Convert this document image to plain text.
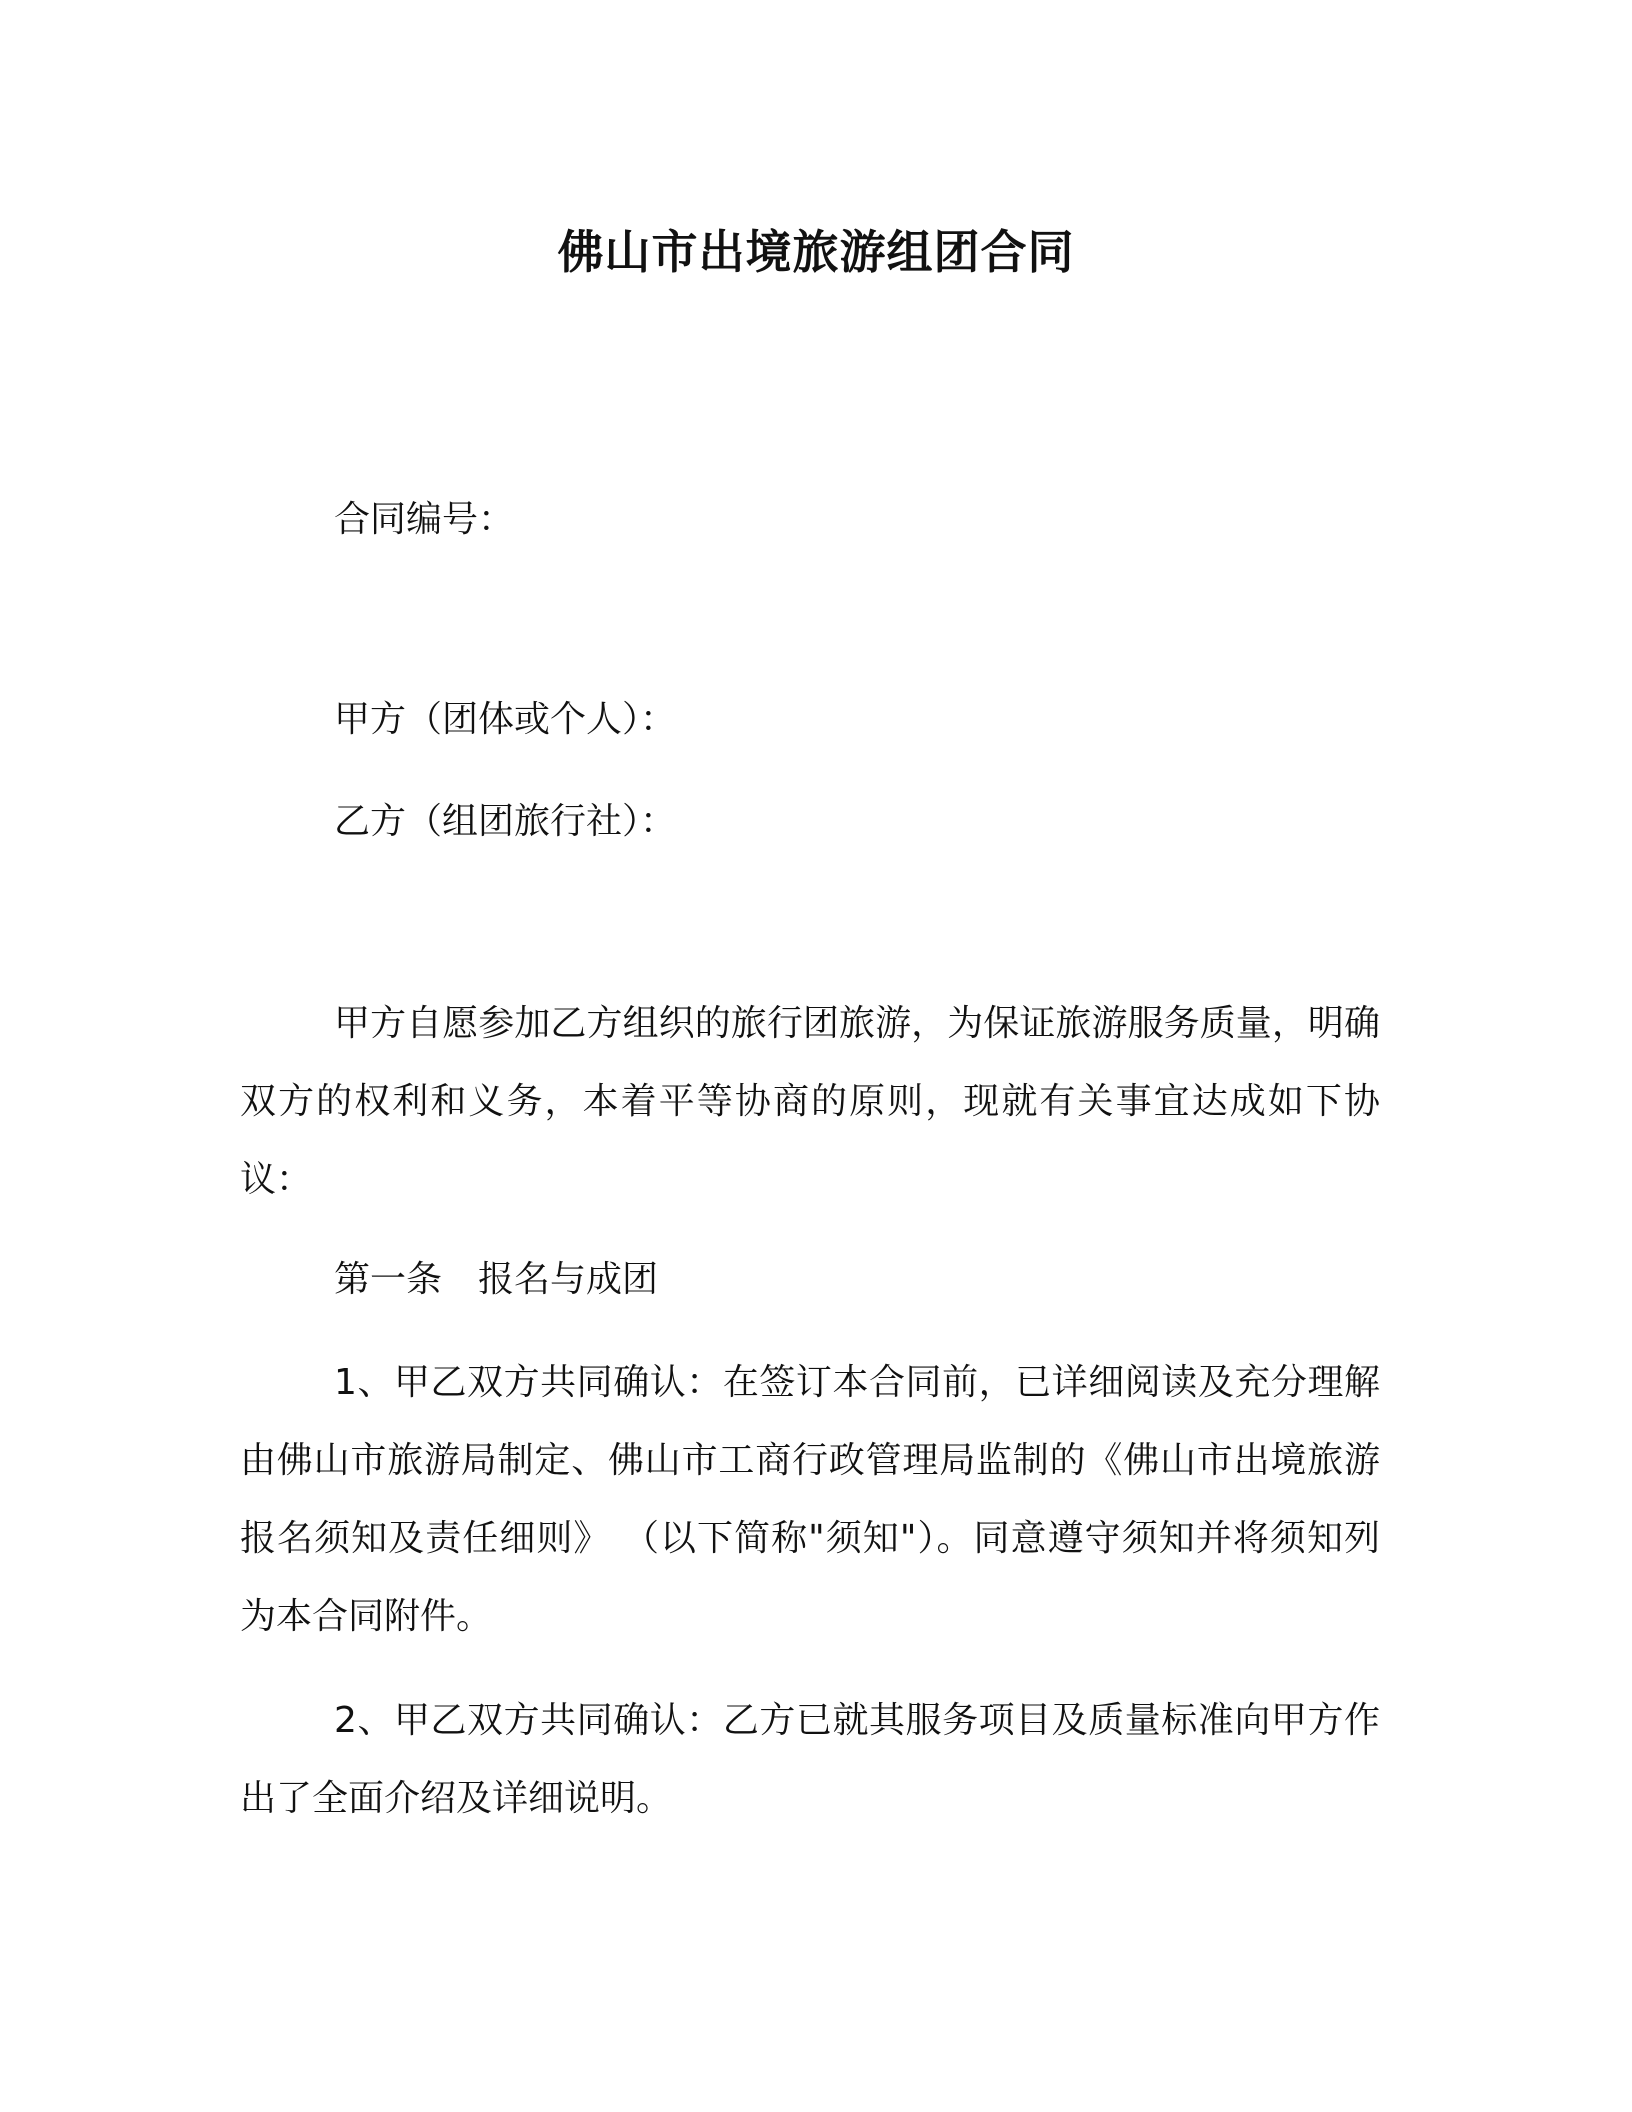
佛山市出境旅游组团合同
合同编号：
甲方（团体或个人）：
乙方（组团旅行社）：

甲方自愿参加乙方组织的旅行团旅游，为保证旅游服务质量，明确双方的权利和义务，本着平等协商的原则，现就有关事宜达成如下协议：

第一条 报名与成团

1、甲乙双方共同确认：在签订本合同前，已详细阅读及充分理解由佛山市旅游局制定、佛山市工商行政管理局监制的《佛山市出境旅游报名须知及责任细则》 （以下简称"须知"）。同意遵守须知并将须知列为本合同附件。

2、甲乙双方共同确认：乙方已就其服务项目及质量标准向甲方作出了全面介绍及详细说明。
